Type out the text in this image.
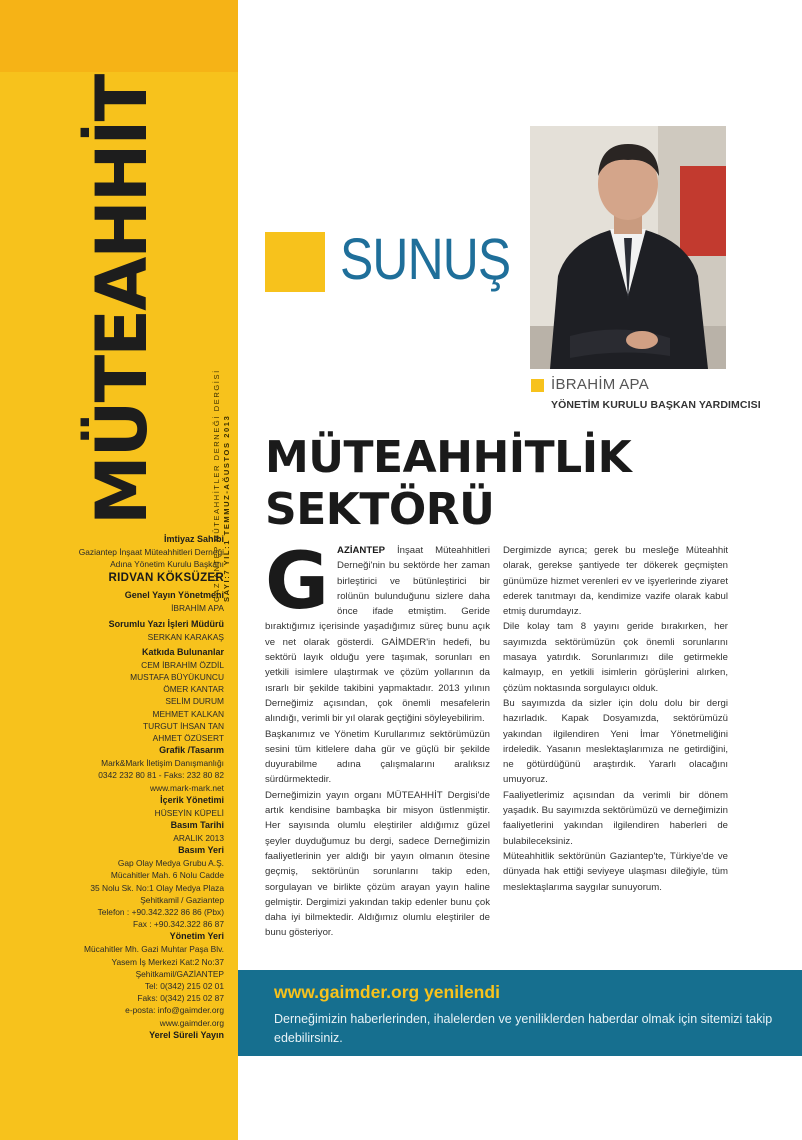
MÜTEAHHİT	GAZİANTEP MÜTEAHHİTLER DERNEĞİ DERGİSİ SAYI:7 YIL:1 TEMMUZ-AĞUSTOS 2013
İmtiyaz Sahibi
Gaziantep İnşaat Müteahhitleri Derneği
Adına Yönetim Kurulu Başkanı
RIDVAN KÖKSÜZER
Genel Yayın Yönetmeni
İBRAHİM APA
Sorumlu Yazı İşleri Müdürü
SERKAN KARAKAŞ
Katkıda Bulunanlar
CEM İBRAHİM ÖZDİL
MUSTAFA BÜYÜKUNCU
ÖMER KANTAR
SELİM DURUM
MEHMET KALKAN
TURGUT İHSAN TAN
AHMET ÖZÜSERT
Grafik /Tasarım
Mark&Mark İletişim Danışmanlığı
0342 232 80 81 - Faks: 232 80 82
www.mark-mark.net
İçerik Yönetimi
HÜSEYİN KÜPELİ
Basım Tarihi
ARALIK 2013
Basım Yeri
Gap Olay Medya Grubu A.Ş.
Mücahitler Mah. 6 Nolu Cadde
35 Nolu Sk. No:1 Olay Medya Plaza
Şehitkamil / Gaziantep
Telefon : +90.342.322 86 86 (Pbx)
Fax : +90.342.322 86 87
Yönetim Yeri
Mücahitler Mh. Gazi Muhtar Paşa Blv.
Yasem İş Merkezi Kat:2 No:37
Şehitkamil/GAZİANTEP
Tel: 0(342) 215 02 01
Faks: 0(342) 215 02 87
e-posta: info@gaimder.org
www.gaimder.org
Yerel Süreli Yayın
SUNUŞ
İBRAHİM APA
YÖNETİM KURULU BAŞKAN YARDIMCISI
MÜTEAHHİTLİK
SEKTÖRÜ

GAZİANTEP İnşaat Müteahhitleri Derneği'nin bu sektörde her zaman birleştirici ve bütünleştirici bir rolünün bulunduğunu sizlere daha önce ifade etmiştim. Geride bıraktığımız içerisinde yaşadığımız süreç bunu açık ve net olarak gösterdi. GAİMDER'in hedefi, bu sektörü layık olduğu yere taşımak, sorunları en yetkili isimlere ulaştırmak ve çözüm yollarının da ısrarlı bir şekilde takibini yapmaktadır. 2013 yılının Derneğimiz açısından, çok önemli mesafelerin alındığı, verimli bir yıl olarak geçtiğini söyleyebilirim.

Başkanımız ve Yönetim Kurullarımız sektörümüzün sesini tüm kitlelere daha gür ve güçlü bir şekilde duyurabilme adına çalışmalarını aralıksız sürdürmektedir.

Derneğimizin yayın organı MÜTEAHHİT Dergisi'de artık kendisine bambaşka bir misyon üstlenmiştir. Her sayısında olumlu eleştiriler aldığımız güzel şeyler duyduğumuz bu dergi, sadece Derneğimizin faaliyetlerinin yer aldığı bir yayın olmanın ötesine geçmiş, sektörünün sorunlarını takip eden, sorgulayan ve birlikte çözüm arayan yayın haline gelmiştir. Dergimizi yakından takip edenler bunu çok daha iyi bilmektedir. Aldığımız olumlu eleştiriler de bunu gösteriyor.

Dergimizde ayrıca; gerek bu mesleğe Müteahhit olarak, gerekse şantiyede ter dökerek geçmişten günümüze hizmet verenleri ev ve işyerlerinde ziyaret ederek tanıtmayı da, kendimize vazife olarak kabul etmiş durumdayız.

Dile kolay tam 8 yayını geride bırakırken, her sayımızda sektörümüzün çok önemli sorunlarını masaya yatırdık. Sorunlarımızı dile getirmekle kalmayıp, en yetkili isimlerin görüşlerini alırken, çözüm noktasında sorgulayıcı olduk.

Bu sayımızda da sizler için dolu dolu bir dergi hazırladık. Kapak Dosyamızda, sektörümüzü yakından ilgilendiren Yeni İmar Yönetmeliğini irdeledik. Yasanın meslektaşlarımıza ne getirdiğini, ne götürdüğünü araştırdık. Yararlı olacağını umuyoruz.

Faaliyetlerimiz açısından da verimli bir dönem yaşadık. Bu sayımızda sektörümüzü ve derneğimizin faaliyetlerini yakından ilgilendiren haberleri de bulabileceksiniz.

Müteahhitlik sektörünün Gaziantep'te, Türkiye'de ve dünyada hak ettiği seviyeye ulaşması dileğiyle, tüm meslektaşlarıma saygılar sunuyorum.

www.gaimder.org yenilendi
Derneğimizin haberlerinden, ihalelerden ve yeniliklerden haberdar olmak için sitemizi takip edebilirsiniz.
